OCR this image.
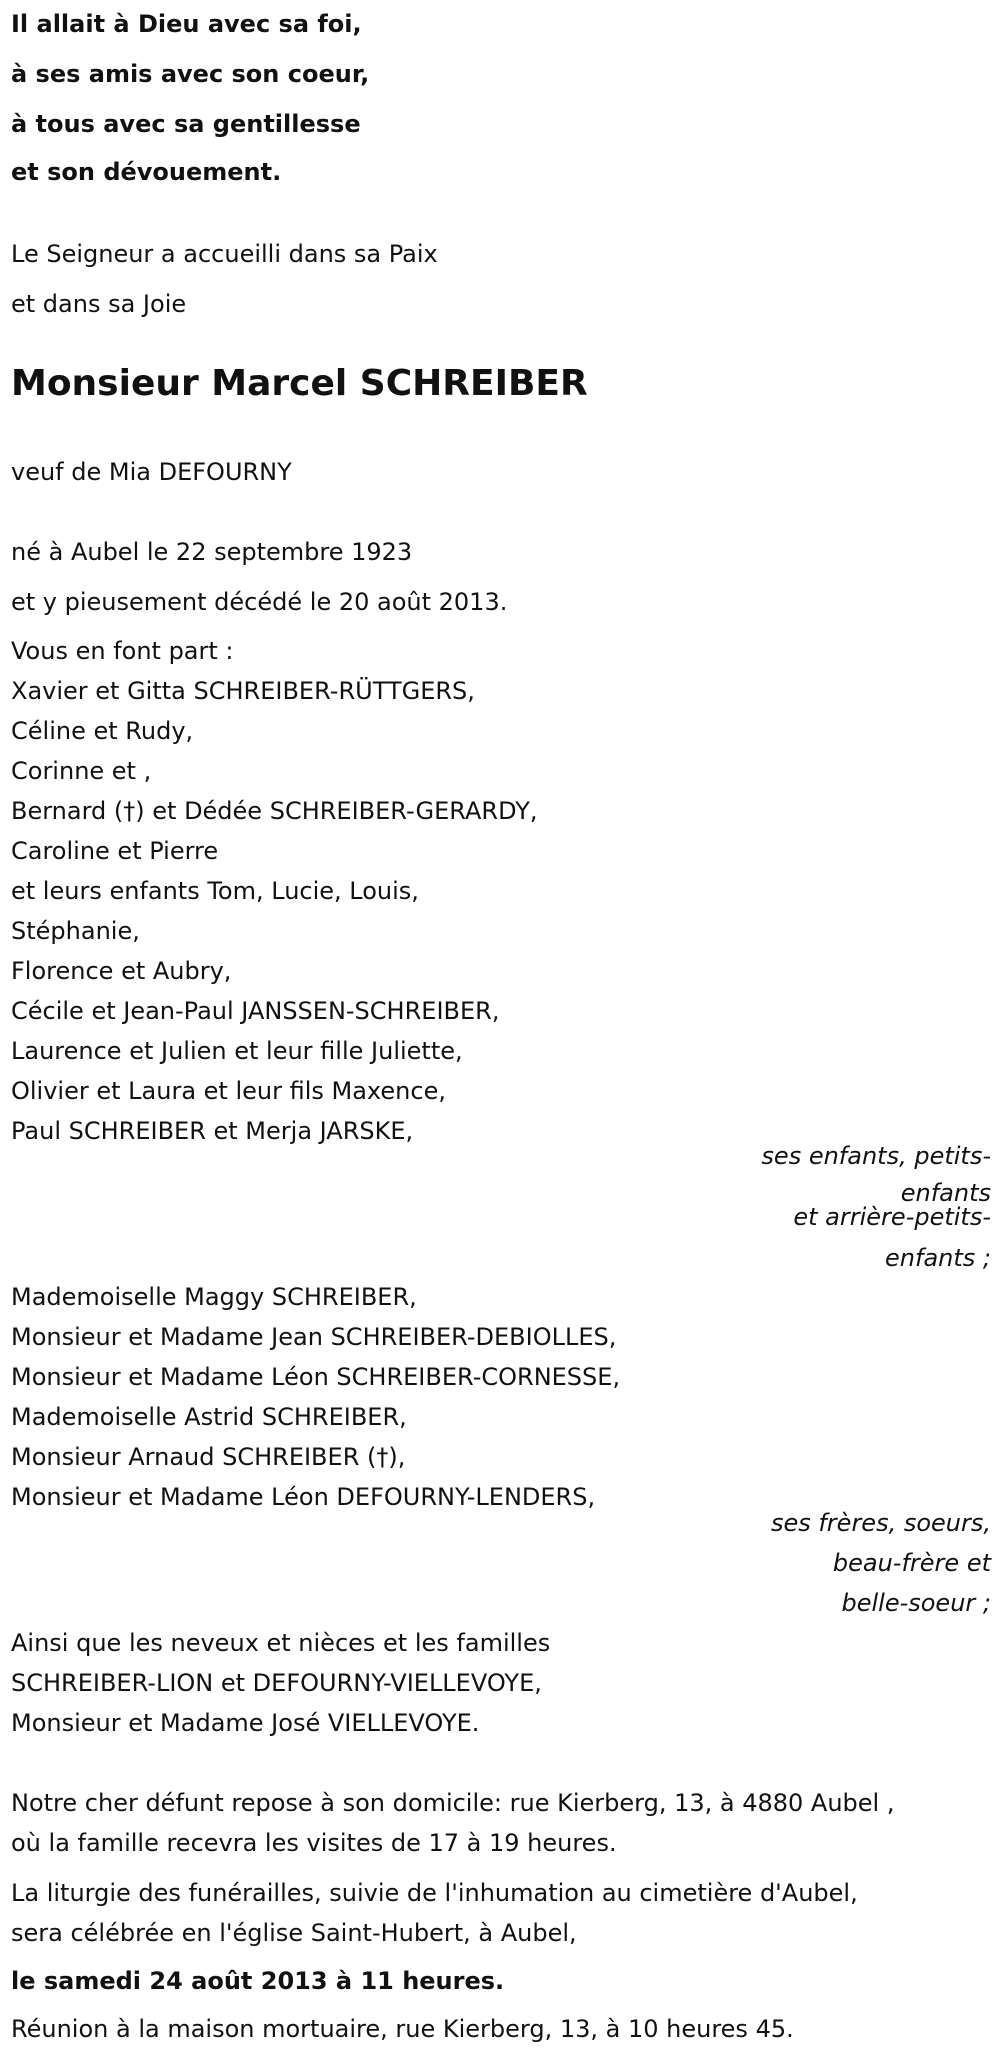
Il allait à Dieu avec sa foi,
à ses amis avec son coeur,
à tous avec sa gentillesse
et son dévouement.
Le Seigneur a accueilli dans sa Paix
et dans sa Joie
Monsieur Marcel SCHREIBER
veuf de Mia DEFOURNY
né à Aubel le 22 septembre 1923
et y pieusement décédé le 20 août 2013.
Vous en font part :
Xavier et Gitta SCHREIBER-RÜTTGERS,
Céline et Rudy,
Corinne et ,
Bernard (†) et Dédée SCHREIBER-GERARDY,
Caroline et Pierre
et leurs enfants Tom, Lucie, Louis,
Stéphanie,
Florence et Aubry,
Cécile et Jean-Paul JANSSEN-SCHREIBER,
Laurence et Julien et leur fille Juliette,
Olivier et Laura et leur fils Maxence,
Paul SCHREIBER et Merja JARSKE,
ses enfants, petits-
enfants
et arrière-petits-
enfants ;
Mademoiselle Maggy SCHREIBER,
Monsieur et Madame Jean SCHREIBER-DEBIOLLES,
Monsieur et Madame Léon SCHREIBER-CORNESSE,
Mademoiselle Astrid SCHREIBER,
Monsieur Arnaud SCHREIBER (†),
Monsieur et Madame Léon DEFOURNY-LENDERS,
ses frères, soeurs,
beau-frère et
belle-soeur ;
Ainsi que les neveux et nièces et les familles
SCHREIBER-LION et DEFOURNY-VIELLEVOYE,
Monsieur et Madame José VIELLEVOYE.
Notre cher défunt repose à son domicile: rue Kierberg, 13, à 4880 Aubel ,
où la famille recevra les visites de 17 à 19 heures.
La liturgie des funérailles, suivie de l'inhumation au cimetière d'Aubel,
sera célébrée en l'église Saint-Hubert, à Aubel,
le samedi 24 août 2013 à 11 heures.
Réunion à la maison mortuaire, rue Kierberg, 13, à 10 heures 45.
